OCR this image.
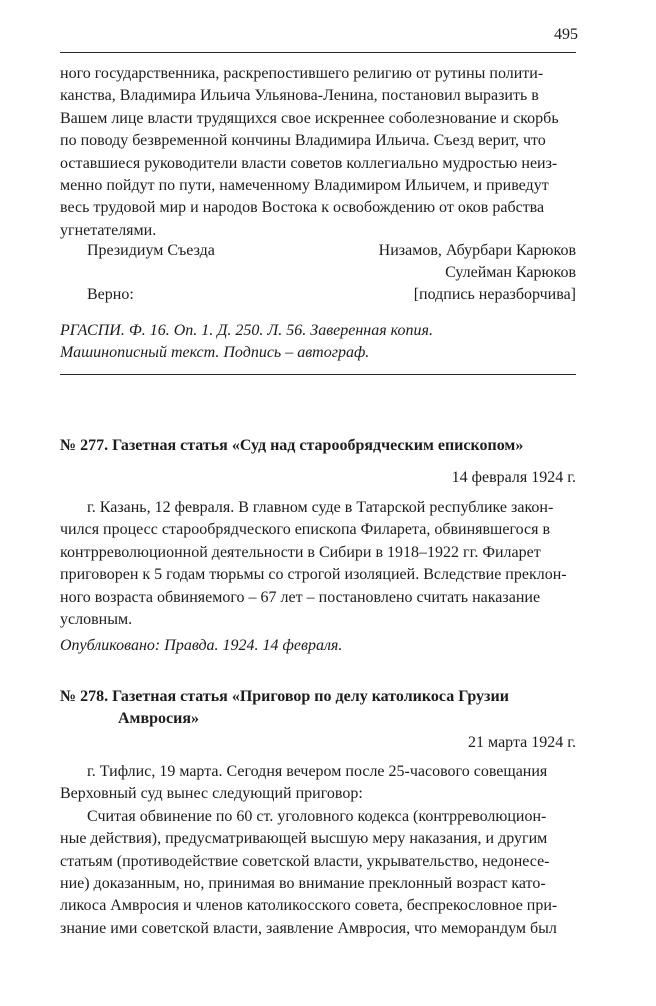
495
ного государственника, раскрепостившего религию от рутины полити-
канства, Владимира Ильича Ульянова-Ленина, постановил выразить в
Вашем лице власти трудящихся свое искреннее соболезнование и скорбь
по поводу безвременной кончины Владимира Ильича. Съезд верит, что
оставшиеся руководители власти советов коллегиально мудростью неиз-
менно пойдут по пути, намеченному Владимиром Ильичем, и приведут
весь трудовой мир и народов Востока к освобождению от оков рабства
угнетателями.
Президиум Съезда	Низамов, Абурбари Карюков
Сулейман Карюков
Верно:	[подпись неразборчива]
РГАСПИ. Ф. 16. Оп. 1. Д. 250. Л. 56. Заверенная копия.
Машинописный текст. Подпись – автограф.
№ 277. Газетная статья «Суд над старообрядческим епископом»
14 февраля 1924 г.
г. Казань, 12 февраля. В главном суде в Татарской республике закон-
чился процесс старообрядческого епископа Филарета, обвинявшегося в
контрреволюционной деятельности в Сибири в 1918–1922 гг. Филарет
приговорен к 5 годам тюрьмы со строгой изоляцией. Вследствие преклон-
ного возраста обвиняемого – 67 лет – постановлено считать наказание
условным.
Опубликовано: Правда. 1924. 14 февраля.
№ 278. Газетная статья «Приговор по делу католикоса Грузии
Амвросия»
21 марта 1924 г.
г. Тифлис, 19 марта. Сегодня вечером после 25-часового совещания
Верховный суд вынес следующий приговор:
Считая обвинение по 60 ст. уголовного кодекса (контрреволюцион-
ные действия), предусматривающей высшую меру наказания, и другим
статьям (противодействие советской власти, укрывательство, недонесе-
ние) доказанным, но, принимая во внимание преклонный возраст като-
ликоса Амвросия и членов католикосского совета, беспрекословное при-
знание ими советской власти, заявление Амвросия, что меморандум был
